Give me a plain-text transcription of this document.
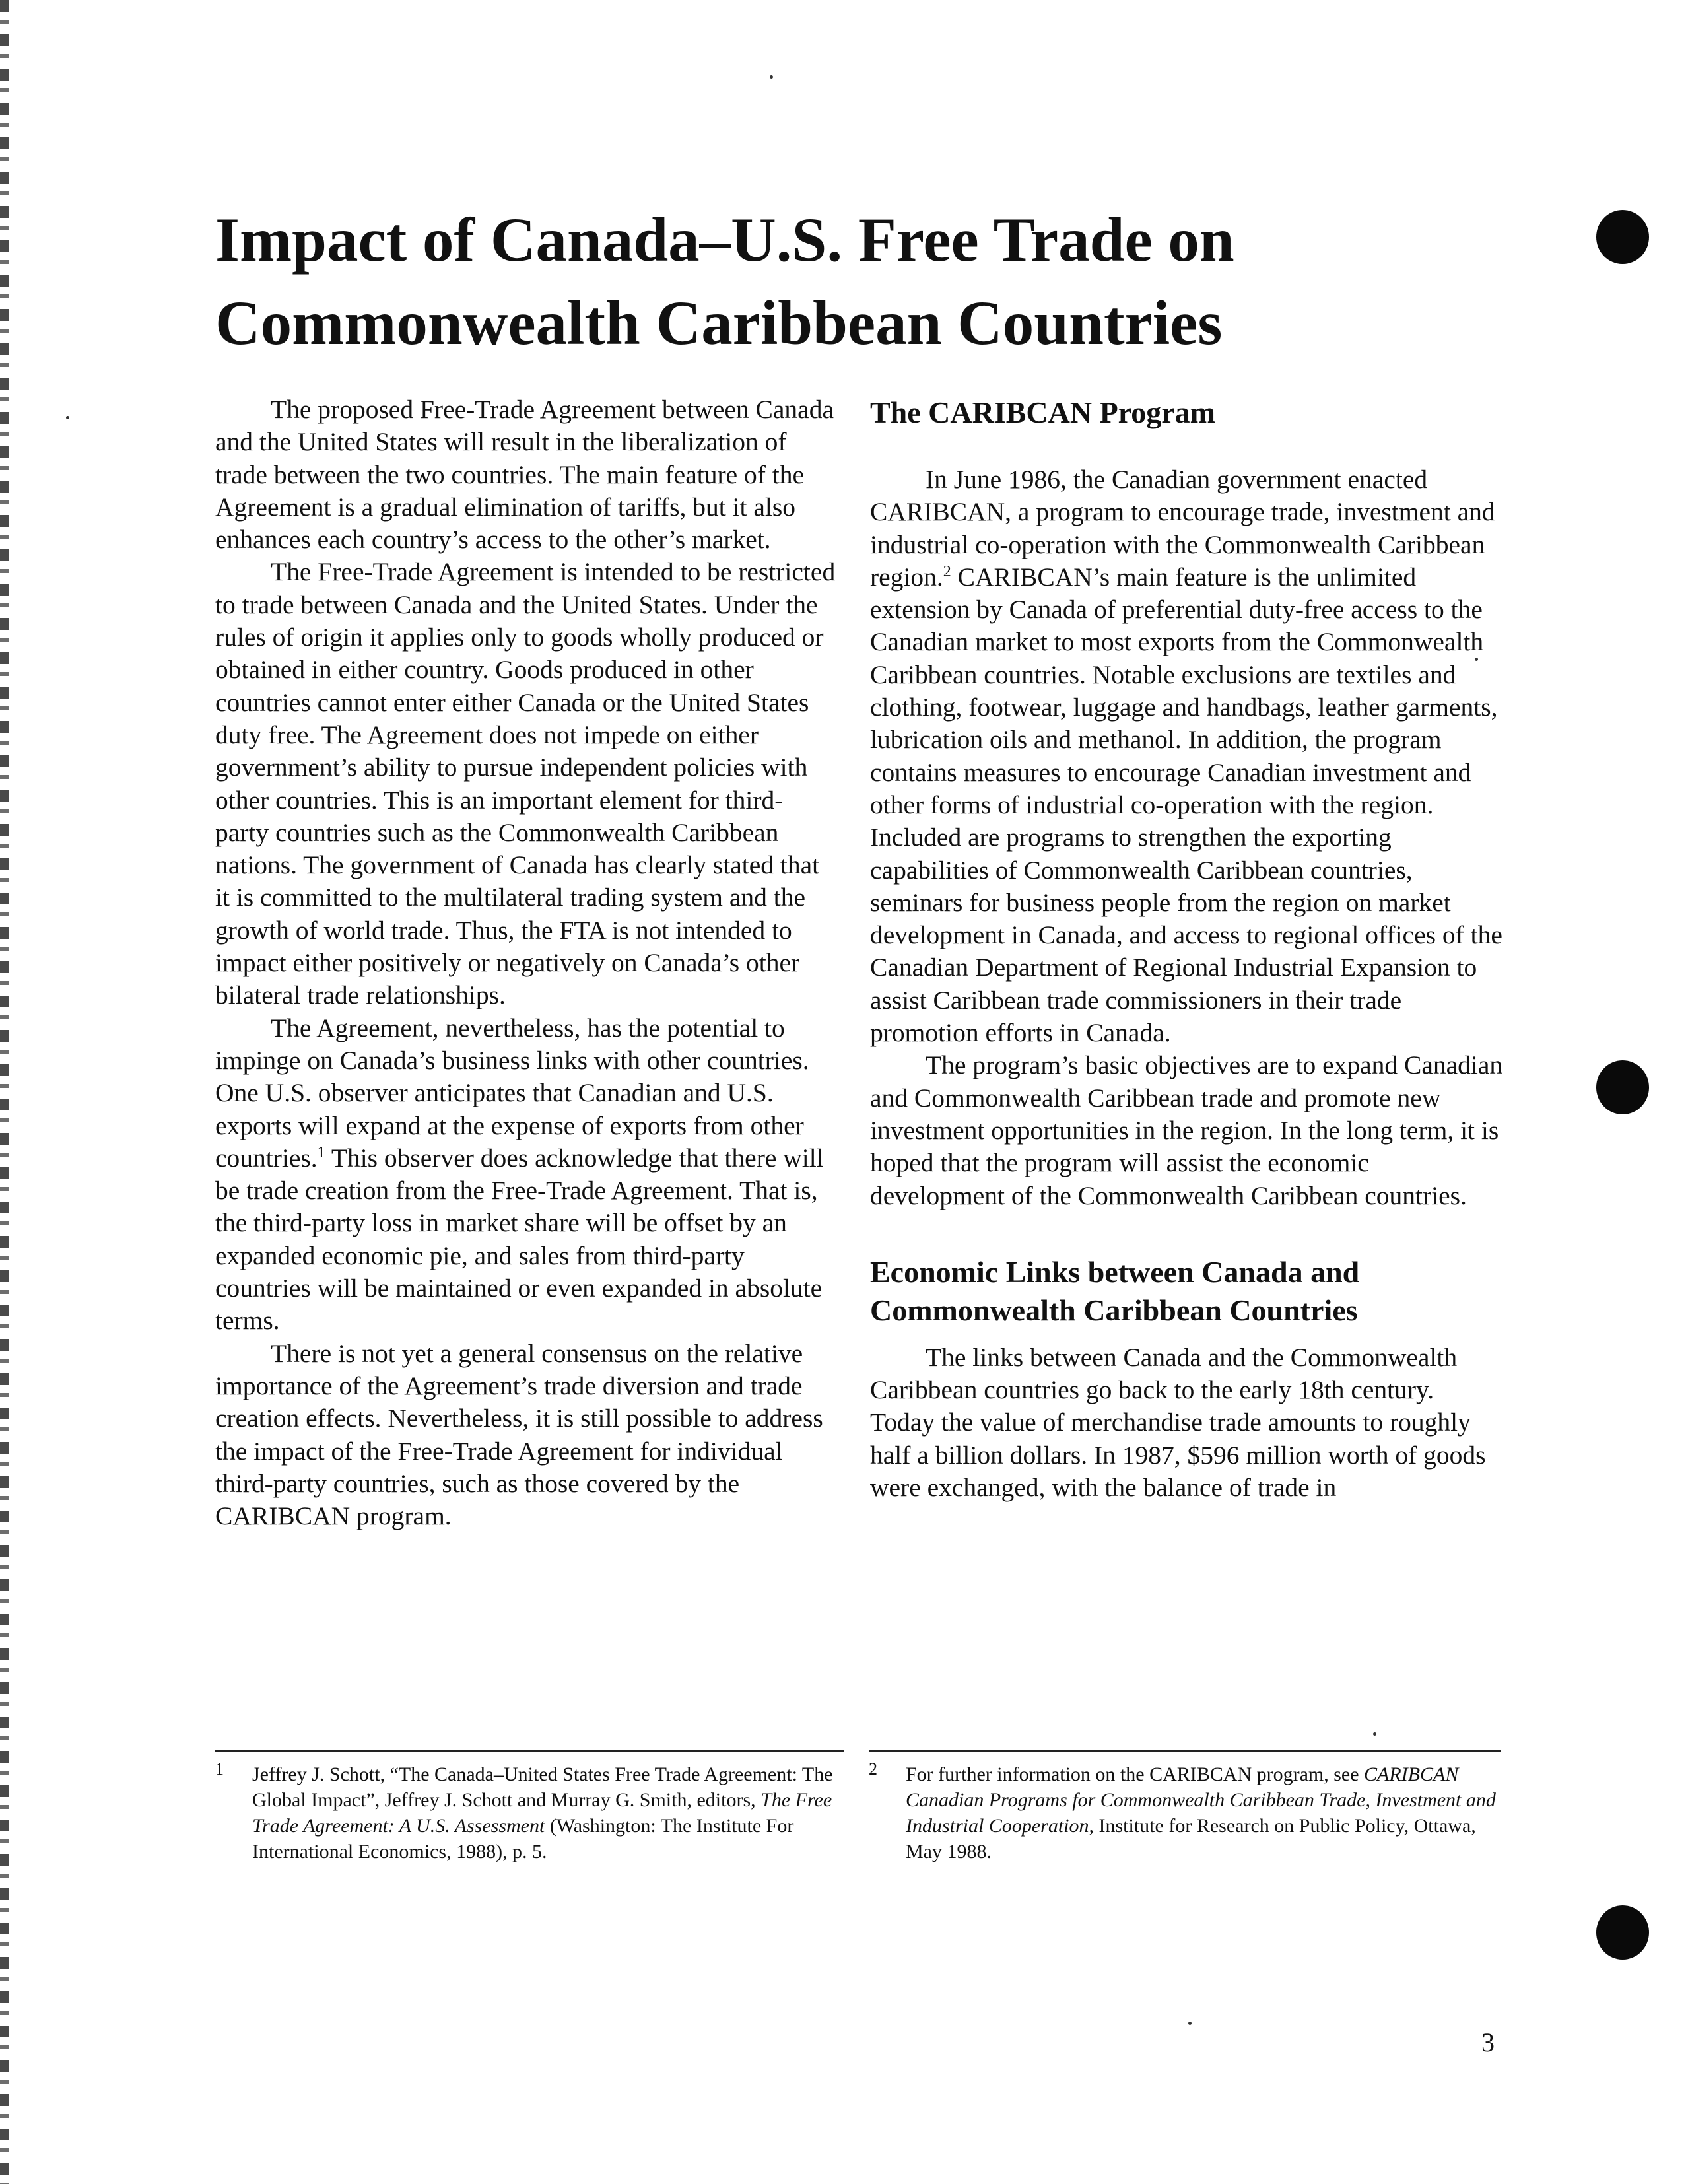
Impact of Canada–U.S. Free Trade on Commonwealth Caribbean Countries

The proposed Free-Trade Agreement between Canada and the United States will result in the liberalization of trade between the two countries. The main feature of the Agreement is a gradual elimination of tariffs, but it also enhances each country’s access to the other’s market.

The Free-Trade Agreement is intended to be restricted to trade between Canada and the United States. Under the rules of origin it applies only to goods wholly produced or obtained in either country. Goods produced in other countries cannot enter either Canada or the United States duty free. The Agreement does not impede on either government’s ability to pursue independent policies with other countries. This is an important element for third-party countries such as the Commonwealth Caribbean nations. The government of Canada has clearly stated that it is committed to the multilateral trading system and the growth of world trade. Thus, the FTA is not intended to impact either positively or negatively on Canada’s other bilateral trade relationships.

The Agreement, nevertheless, has the potential to impinge on Canada’s business links with other countries. One U.S. observer anticipates that Canadian and U.S. exports will expand at the expense of exports from other countries.$^1$ This observer does acknowledge that there will be trade creation from the Free-Trade Agreement. That is, the third-party loss in market share will be offset by an expanded economic pie, and sales from third-party countries will be maintained or even expanded in absolute terms.

There is not yet a general consensus on the relative importance of the Agreement’s trade diversion and trade creation effects. Nevertheless, it is still possible to address the impact of the Free-Trade Agreement for individual third-party countries, such as those covered by the CARIBCAN program.

The CARIBCAN Program

In June 1986, the Canadian government enacted CARIBCAN, a program to encourage trade, investment and industrial co-operation with the Commonwealth Caribbean region.$^2$ CARIBCAN’s main feature is the unlimited extension by Canada of preferential duty-free access to the Canadian market to most exports from the Commonwealth Caribbean countries. Notable exclusions are textiles and clothing, footwear, luggage and handbags, leather garments, lubrication oils and methanol. In addition, the program contains measures to encourage Canadian investment and other forms of industrial co-operation with the region. Included are programs to strengthen the exporting capabilities of Commonwealth Caribbean countries, seminars for business people from the region on market development in Canada, and access to regional offices of the Canadian Department of Regional Industrial Expansion to assist Caribbean trade commissioners in their trade promotion efforts in Canada.

The program’s basic objectives are to expand Canadian and Commonwealth Caribbean trade and promote new investment opportunities in the region. In the long term, it is hoped that the program will assist the economic development of the Commonwealth Caribbean countries.

Economic Links between Canada and Commonwealth Caribbean Countries

The links between Canada and the Commonwealth Caribbean countries go back to the early 18th century. Today the value of merchandise trade amounts to roughly half a billion dollars. In 1987, $596 million worth of goods were exchanged, with the balance of trade in

1 Jeffrey J. Schott, “The Canada–United States Free Trade Agreement: The Global Impact”, Jeffrey J. Schott and Murray G. Smith, editors, The Free Trade Agreement: A U.S. Assessment (Washington: The Institute For International Economics, 1988), p. 5.
2 For further information on the CARIBCAN program, see CARIBCAN Canadian Programs for Commonwealth Caribbean Trade, Investment and Industrial Cooperation, Institute for Research on Public Policy, Ottawa, May 1988.
3
